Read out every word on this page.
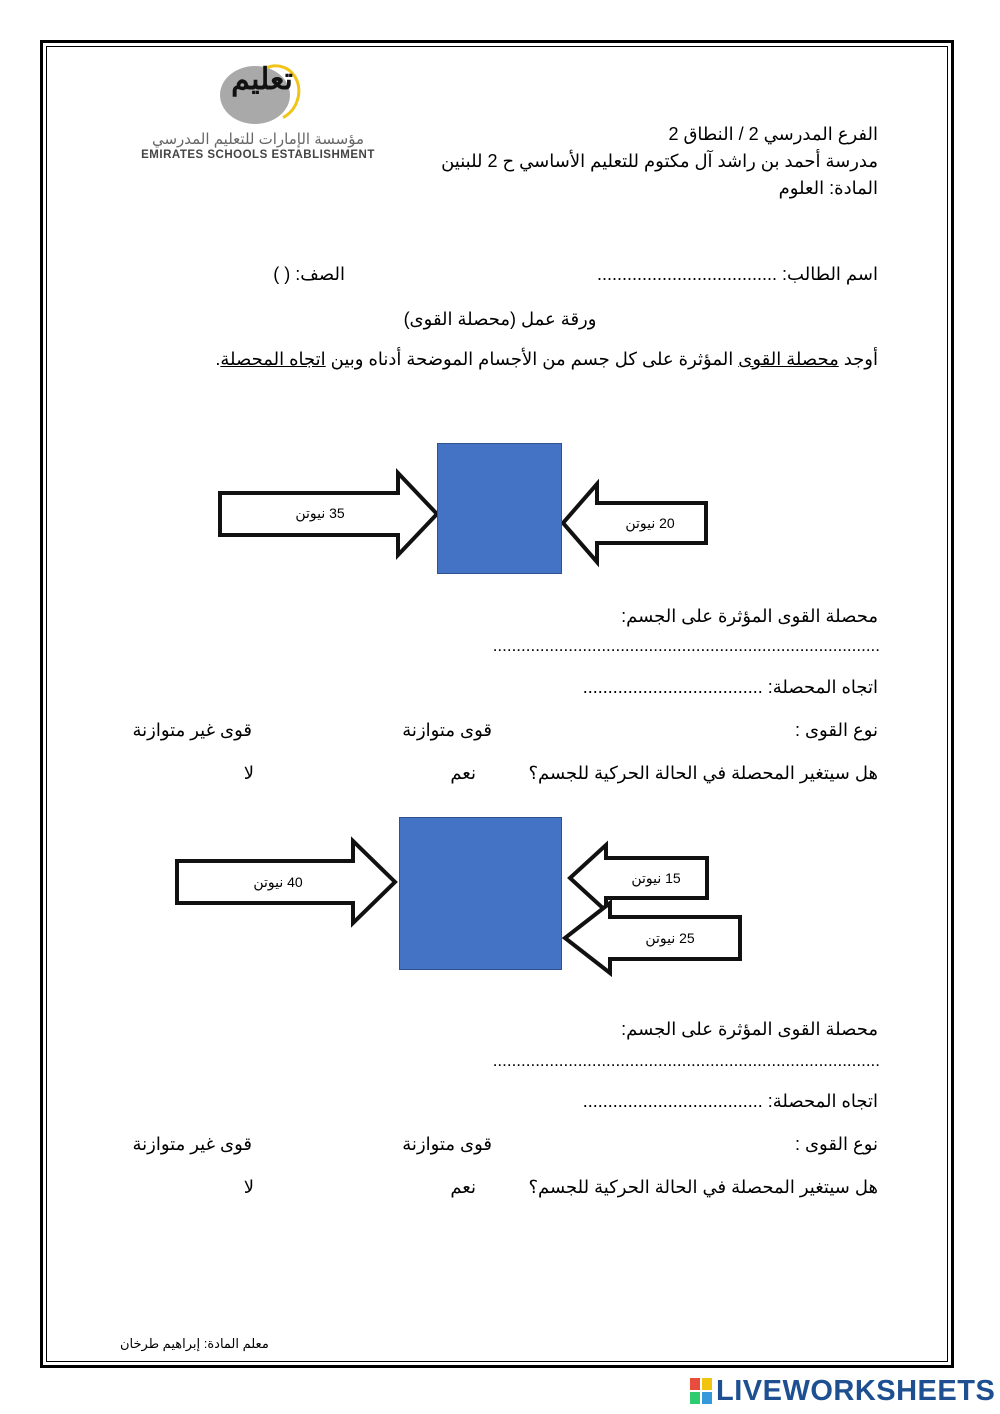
تعليم
مؤسسة الإمارات للتعليم المدرسي
EMIRATES SCHOOLS ESTABLISHMENT
الفرع المدرسي 2 / النطاق 2
مدرسة أحمد بن راشد آل مكتوم للتعليم الأساسي ح 2 للبنين
المادة: العلوم
اسم الطالب: ....................................
الصف: ( )
ورقة عمل (محصلة القوى)
أوجد محصلة القوى المؤثرة على كل جسم من الأجسام الموضحة أدناه وبين اتجاه المحصلة.
35 نيوتن
20 نيوتن
محصلة القوى المؤثرة على الجسم:
..................................................................................
اتجاه المحصلة: ....................................
نوع القوى :
قوى متوازنة
قوى غير متوازنة
هل سيتغير المحصلة في الحالة الحركية للجسم؟
نعم
لا
40 نيوتن	15 نيوتن
25 نيوتن
محصلة القوى المؤثرة على الجسم:
..................................................................................
اتجاه المحصلة: ....................................
نوع القوى :
قوى متوازنة
قوى غير متوازنة
هل سيتغير المحصلة في الحالة الحركية للجسم؟
نعم
لا
معلم المادة: إبراهيم طرخان
LIVEWORKSHEETS
